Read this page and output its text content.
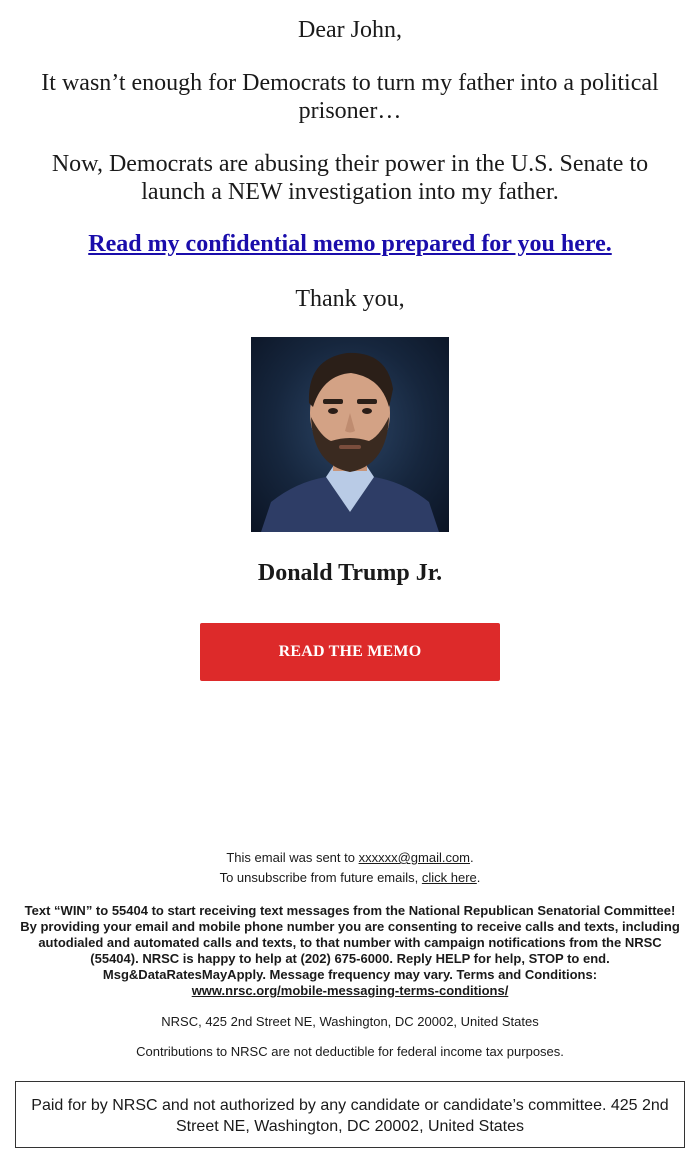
Dear John,

It wasn’t enough for Democrats to turn my father into a political prisoner…

Now, Democrats are abusing their power in the U.S. Senate to launch a NEW investigation into my father.

Read my confidential memo prepared for you here.

Thank you,

Donald Trump Jr.
READ THE MEMO
This email was sent to xxxxxx@gmail.com.
To unsubscribe from future emails, click here.
Text “WIN” to 55404 to start receiving text messages from the National Republican Senatorial Committee! By providing your email and mobile phone number you are consenting to receive calls and texts, including autodialed and automated calls and texts, to that number with campaign notifications from the NRSC (55404). NRSC is happy to help at (202) 675-6000. Reply HELP for help, STOP to end. Msg&DataRatesMayApply. Message frequency may vary. Terms and Conditions:
www.nrsc.org/mobile-messaging-terms-conditions/
NRSC, 425 2nd Street NE, Washington, DC 20002, United States
Contributions to NRSC are not deductible for federal income tax purposes.
Paid for by NRSC and not authorized by any candidate or candidate’s committee. 425 2nd Street NE, Washington, DC 20002, United States
